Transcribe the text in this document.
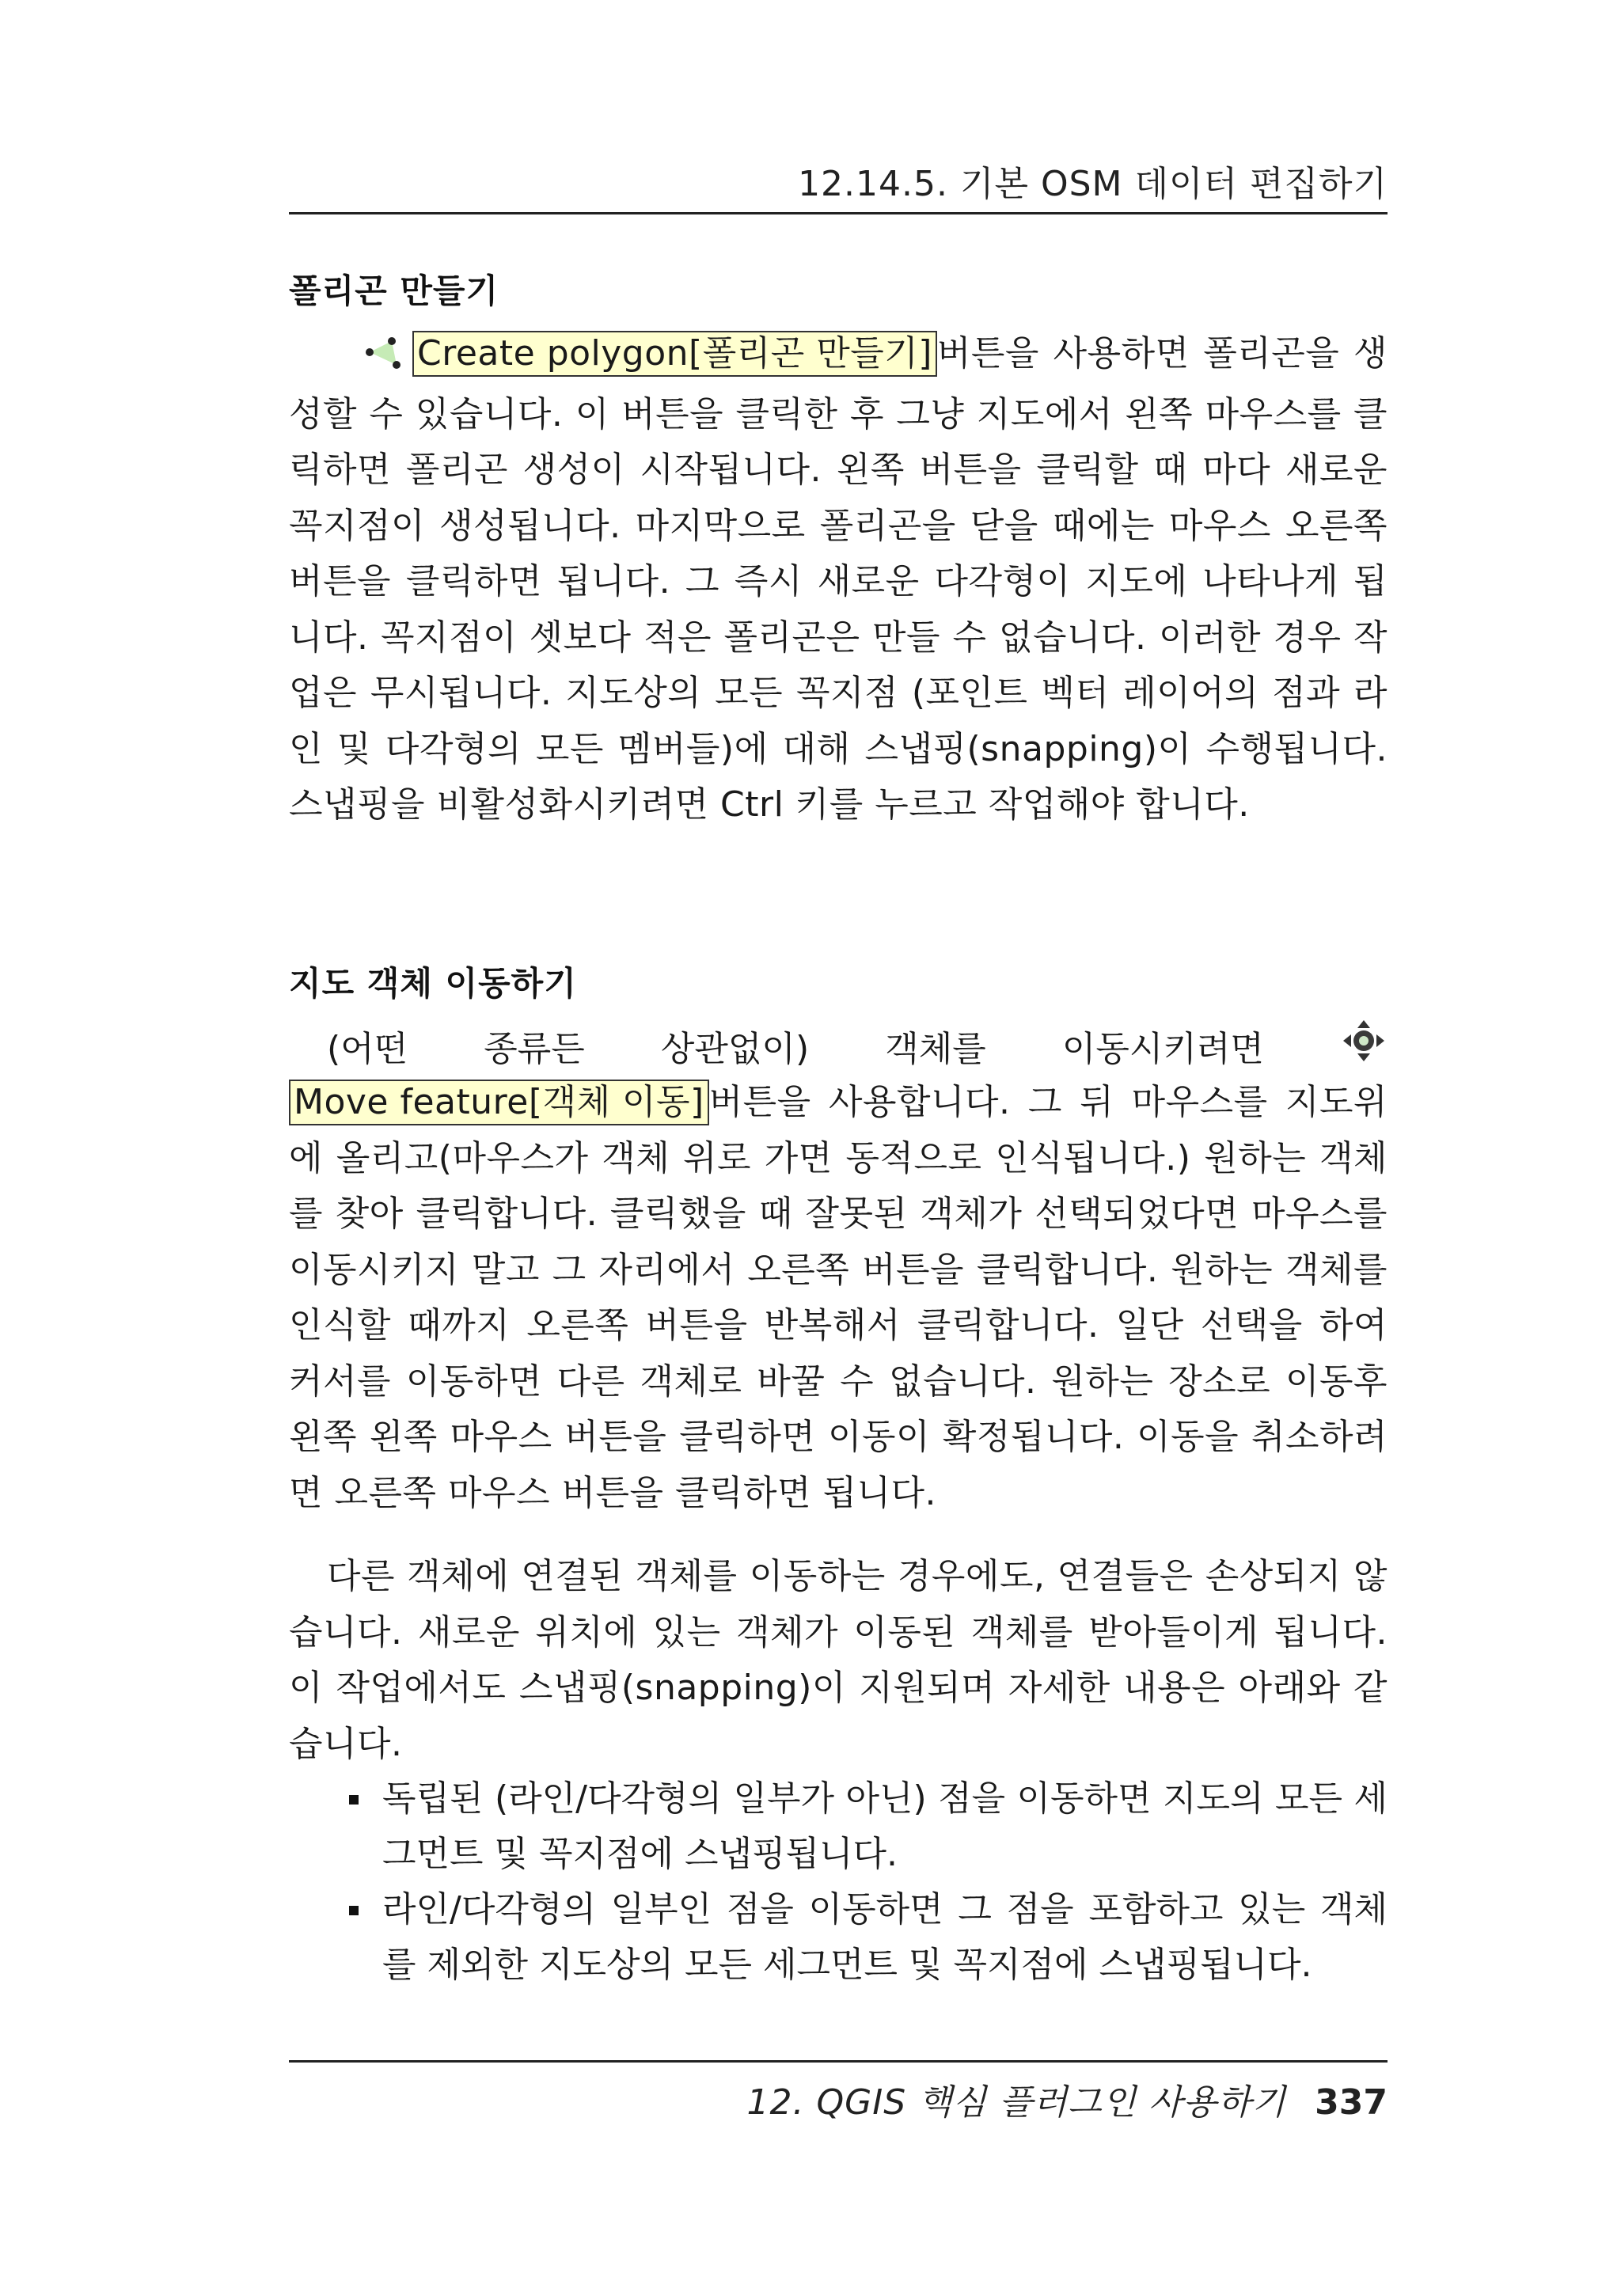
12.14.5. 기본 OSM 데이터 편집하기
폴리곤 만들기
Create polygon[폴리곤 만들기] 버튼을 사용하면 폴리곤을 생성할 수 있습니다. 이 버튼을 클릭한 후 그냥 지도에서 왼쪽 마우스를 클릭하면 폴리곤 생성이 시작됩니다. 왼쪽 버튼을 클릭할 때 마다 새로운 꼭지점이 생성됩니다. 마지막으로 폴리곤을 닫을 때에는 마우스 오른쪽 버튼을 클릭하면 됩니다. 그 즉시 새로운 다각형이 지도에 나타나게 됩니다. 꼭지점이 셋보다 적은 폴리곤은 만들 수 없습니다. 이러한 경우 작업은 무시됩니다. 지도상의 모든 꼭지점 (포인트 벡터 레이어의 점과 라인 및 다각형의 모든 멤버들)에 대해 스냅핑(snapping)이 수행됩니다. 스냅핑을 비활성화시키려면 Ctrl 키를 누르고 작업해야 합니다.
지도 객체 이동하기
(어떤 종류든 상관없이) 객체를 이동시키려면
Move feature[객체 이동] 버튼을 사용합니다. 그 뒤 마우스를 지도위에 올리고(마우스가 객체 위로 가면 동적으로 인식됩니다.) 원하는 객체를 찾아 클릭합니다. 클릭했을 때 잘못된 객체가 선택되었다면 마우스를 이동시키지 말고 그 자리에서 오른쪽 버튼을 클릭합니다. 원하는 객체를 인식할 때까지 오른쪽 버튼을 반복해서 클릭합니다. 일단 선택을 하여 커서를 이동하면 다른 객체로 바꿀 수 없습니다. 원하는 장소로 이동후 왼쪽 왼쪽 마우스 버튼을 클릭하면 이동이 확정됩니다. 이동을 취소하려면 오른쪽 마우스 버튼을 클릭하면 됩니다.
다른 객체에 연결된 객체를 이동하는 경우에도, 연결들은 손상되지 않습니다. 새로운 위치에 있는 객체가 이동된 객체를 받아들이게 됩니다. 이 작업에서도 스냅핑(snapping)이 지원되며 자세한 내용은 아래와 같습니다.
독립된 (라인/다각형의 일부가 아닌) 점을 이동하면 지도의 모든 세그먼트 및 꼭지점에 스냅핑됩니다.
라인/다각형의 일부인 점을 이동하면 그 점을 포함하고 있는 객체를 제외한 지도상의 모든 세그먼트 및 꼭지점에 스냅핑됩니다.
12. QGIS 핵심 플러그인 사용하기 337
